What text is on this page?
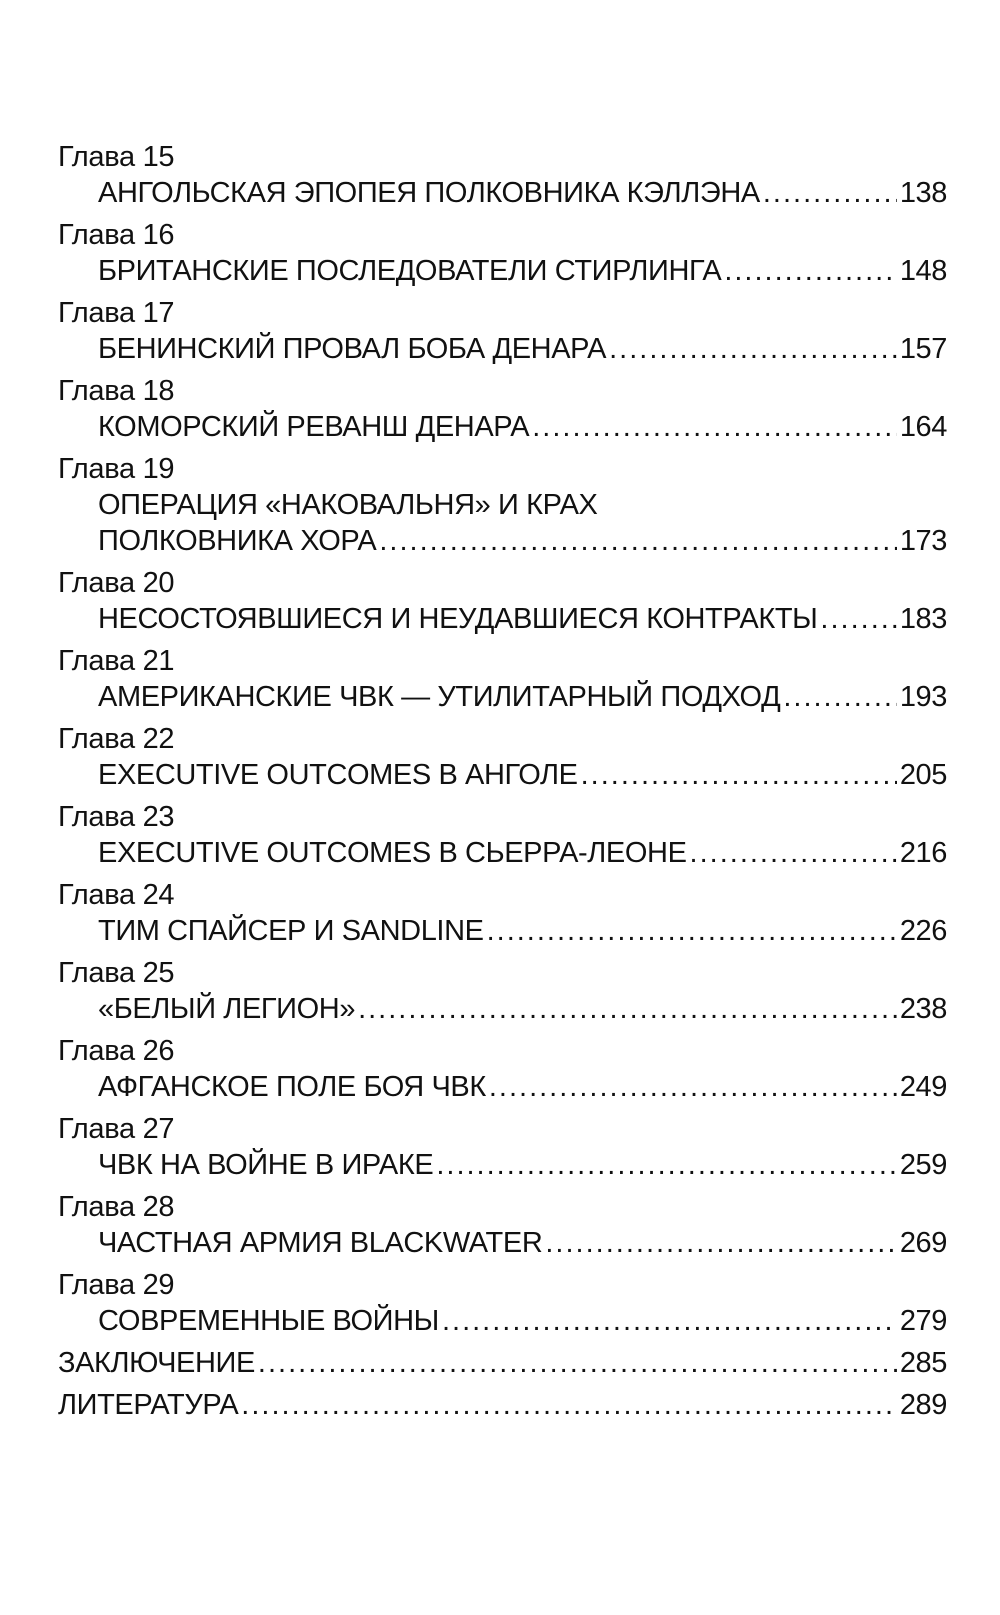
Глава 15
АНГОЛЬСКАЯ ЭПОПЕЯ ПОЛКОВНИКА КЭЛЛЭНА .....	138
Глава 16
БРИТАНСКИЕ ПОСЛЕДОВАТЕЛИ СТИРЛИНГА .....	148
Глава 17
БЕНИНСКИЙ ПРОВАЛ БОБА ДЕНАРА .....	157
Глава 18
КОМОРСКИЙ РЕВАНШ ДЕНАРА .....	164
Глава 19
ОПЕРАЦИЯ «НАКОВАЛЬНЯ» И КРАХ
ПОЛКОВНИКА ХОРА .....	173
Глава 20
НЕСОСТОЯВШИЕСЯ И НЕУДАВШИЕСЯ КОНТРАКТЫ .....	183
Глава 21
АМЕРИКАНСКИЕ ЧВК — УТИЛИТАРНЫЙ ПОДХОД .....	193
Глава 22
EXECUTIVE OUTCOMES В АНГОЛЕ .....	205
Глава 23
EXECUTIVE OUTCOMES В СЬЕРРА-ЛЕОНЕ .....	216
Глава 24
ТИМ СПАЙСЕР И SANDLINE .....	226
Глава 25
«БЕЛЫЙ ЛЕГИОН» .....	238
Глава 26
АФГАНСКОЕ ПОЛЕ БОЯ ЧВК .....	249
Глава 27
ЧВК НА ВОЙНЕ В ИРАКЕ .....	259
Глава 28
ЧАСТНАЯ АРМИЯ BLACKWATER .....	269
Глава 29
СОВРЕМЕННЫЕ ВОЙНЫ .....	279
ЗАКЛЮЧЕНИЕ .....	285
ЛИТЕРАТУРА .....	289
